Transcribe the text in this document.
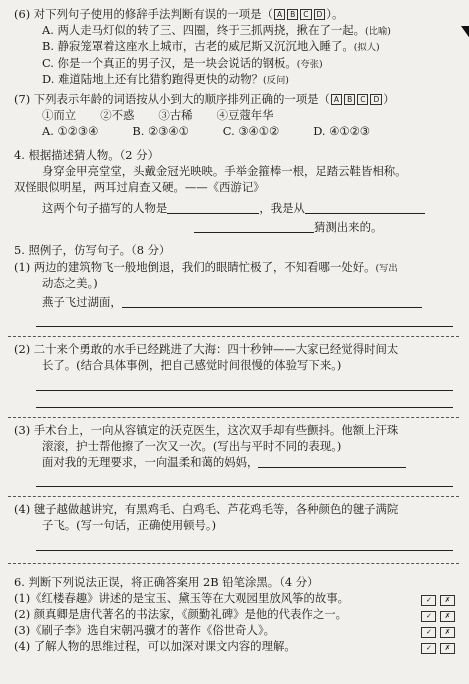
(6) 对下列句子使用的修辞手法判断有误的一项是（ A B C D ）。
A. 两人走马灯似的转了三、四圈，终于三抓两挠，揪在了一起。(比喻)
B. 静寂笼罩着这座水上城市，古老的威尼斯又沉沉地入睡了。(拟人)
C. 你是一个真正的男子汉，是一块会说话的钢板。(夸张)
D. 难道陆地上还有比猎豹跑得更快的动物？(反问)
(7) 下列表示年龄的词语按从小到大的顺序排列正确的一项是（ A B C D ）
①而立 ②不惑 ③古稀 ④豆蔻年华
A. ①②③④	B. ②③④①	C. ③④①②	D. ④①②③
4. 根据描述猜人物。（2 分）
身穿金甲亮堂堂，头戴金冠光映映。手举金箍棒一根，足踏云鞋皆相称。
双怪眼似明星，两耳过肩查又硬。——《西游记》
这两个句子描写的人物是	，我是从
猜测出来的。
5. 照例子，仿写句子。（8 分）
(1) 两边的建筑物飞一般地倒退，我们的眼睛忙极了，不知看哪一处好。(写出
动态之美。)
燕子飞过湖面，
(2) 二十来个勇敢的水手已经跳进了大海：四十秒钟——大家已经觉得时间太
长了。(结合具体事例，把自己感觉时间很慢的体验写下来。)
(3) 手术台上，一向从容镇定的沃克医生，这次双手却有些颤抖。他额上汗珠
滚滚，护士帮他擦了一次又一次。(写出与平时不同的表现。)
面对我的无理要求，一向温柔和蔼的妈妈，
(4) 毽子越做越讲究，有黑鸡毛、白鸡毛、芦花鸡毛等，各种颜色的毽子满院
子飞。(写一句话，正确使用顿号。)
6. 判断下列说法正误，将正确答案用 2B 铅笔涂黑。（4 分）
(1)《红楼春趣》讲述的是宝玉、黛玉等在大观园里放风筝的故事。	✓ ✗
(2) 颜真卿是唐代著名的书法家，《颜勤礼碑》是他的代表作之一。	✓ ✗
(3)《刷子李》选自宋朝冯骥才的著作《俗世奇人》。	✓ ✗
(4) 了解人物的思维过程，可以加深对课文内容的理解。	✓ ✗
